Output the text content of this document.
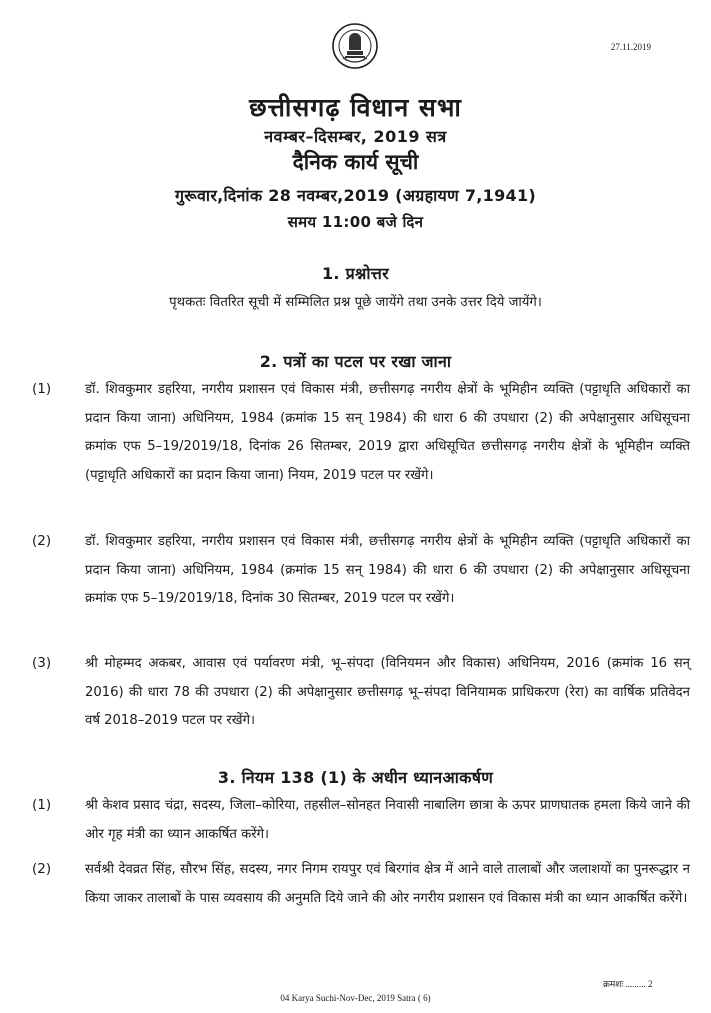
27.11.2019
छत्तीसगढ़ विधान सभा
नवम्बर–दिसम्बर, 2019 सत्र
दैनिक कार्य सूची
गुरूवार,दिनांक 28 नवम्बर,2019 (अग्रहायण 7,1941)
समय 11:00 बजे दिन
1. प्रश्नोत्तर
पृथकतः वितरित सूची में सम्मिलित प्रश्न पूछे जायेंगे तथा उनके उत्तर दिये जायेंगे।
2. पत्रों का पटल पर रखा जाना
(1)	डॉ. शिवकुमार डहरिया, नगरीय प्रशासन एवं विकास मंत्री, छत्तीसगढ़ नगरीय क्षेत्रों के भूमिहीन व्यक्ति (पट्टाधृति अधिकारों का प्रदान किया जाना) अधिनियम, 1984 (क्रमांक 15 सन् 1984) की धारा 6 की उपधारा (2) की अपेक्षानुसार अधिसूचना क्रमांक एफ 5–19/2019/18, दिनांक 26 सितम्बर, 2019 द्वारा अधिसूचित छत्तीसगढ़ नगरीय क्षेत्रों के भूमिहीन व्यक्ति (पट्टाधृति अधिकारों का प्रदान किया जाना) नियम, 2019 पटल पर रखेंगे।
(2)	डॉ. शिवकुमार डहरिया, नगरीय प्रशासन एवं विकास मंत्री, छत्तीसगढ़ नगरीय क्षेत्रों के भूमिहीन व्यक्ति (पट्टाधृति अधिकारों का प्रदान किया जाना) अधिनियम, 1984 (क्रमांक 15 सन् 1984) की धारा 6 की उपधारा (2) की अपेक्षानुसार अधिसूचना क्रमांक एफ 5–19/2019/18, दिनांक 30 सितम्बर, 2019 पटल पर रखेंगे।
(3)	श्री मोहम्मद अकबर, आवास एवं पर्यावरण मंत्री, भू–संपदा (विनियमन और विकास) अधिनियम, 2016 (क्रमांक 16 सन् 2016) की धारा 78 की उपधारा (2) की अपेक्षानुसार छत्तीसगढ़ भू–संपदा विनियामक प्राधिकरण (रेरा) का वार्षिक प्रतिवेदन वर्ष 2018–2019 पटल पर रखेंगे।
3. नियम 138 (1) के अधीन ध्यानआकर्षण
(1)	श्री केशव प्रसाद चंद्रा, सदस्य, जिला–कोरिया, तहसील–सोनहत निवासी नाबालिग छात्रा के ऊपर प्राणघातक हमला किये जाने की ओर गृह मंत्री का ध्यान आकर्षित करेंगे।
(2)	सर्वश्री देवव्रत सिंह, सौरभ सिंह, सदस्य, नगर निगम रायपुर एवं बिरगांव क्षेत्र में आने वाले तालाबों और जलाशयों का पुनरूद्धार न किया जाकर तालाबों के पास व्यवसाय की अनुमति दिये जाने की ओर नगरीय प्रशासन एवं विकास मंत्री का ध्यान आकर्षित करेंगे।
क्रमशः ......... 2
04 Karya Suchi-Nov-Dec, 2019 Satra ( 6)
